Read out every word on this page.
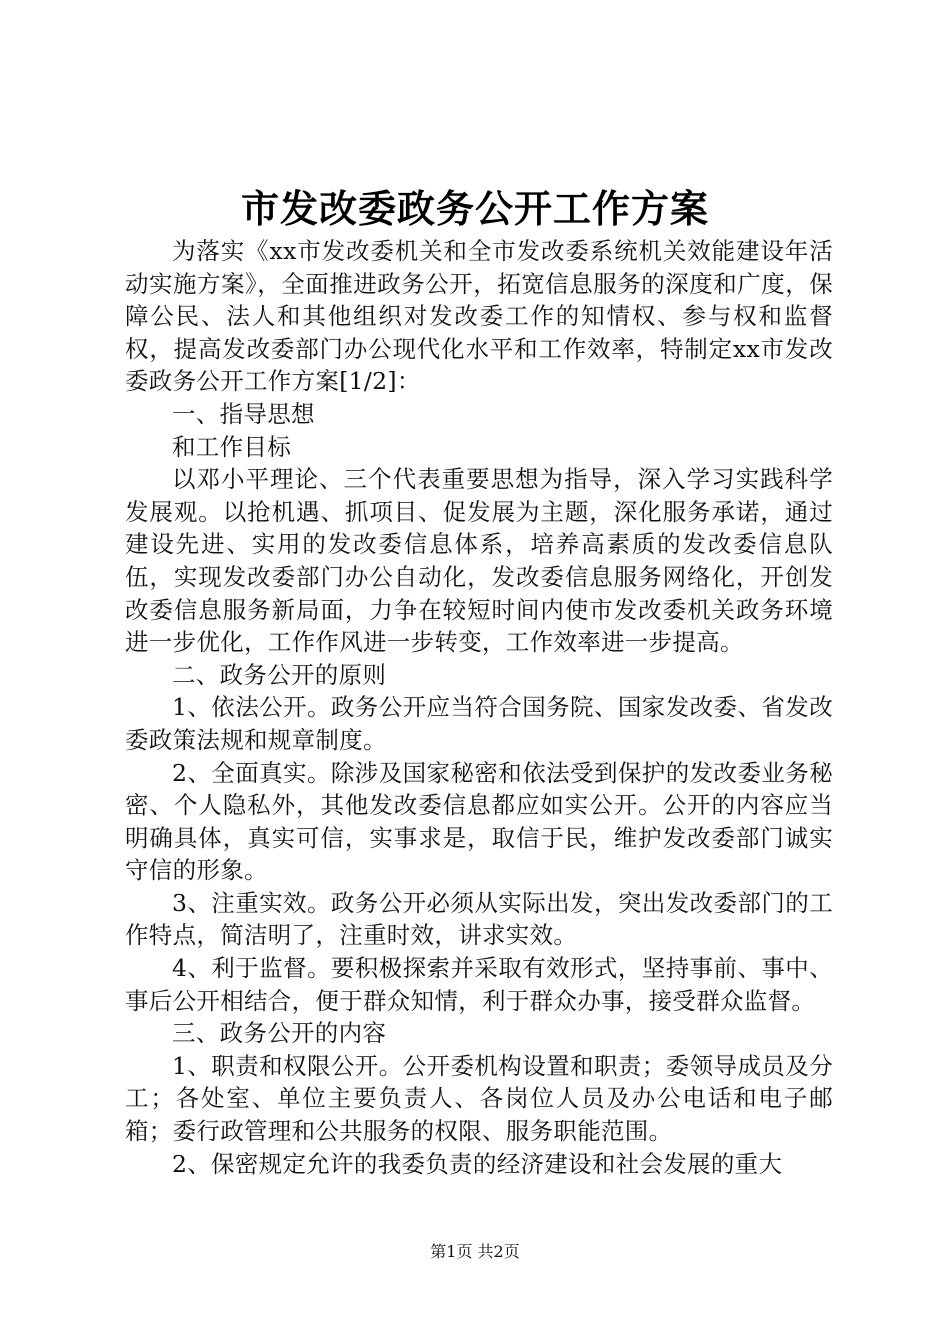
市发改委政务公开工作方案

为落实《xx市发改委机关和全市发改委系统机关效能建设年活动实施方案》，全面推进政务公开，拓宽信息服务的深度和广度，保障公民、法人和其他组织对发改委工作的知情权、参与权和监督权，提高发改委部门办公现代化水平和工作效率，特制定xx市发改委政务公开工作方案[1/2]：

一、指导思想

和工作目标

以邓小平理论、三个代表重要思想为指导，深入学习实践科学发展观。以抢机遇、抓项目、促发展为主题，深化服务承诺，通过建设先进、实用的发改委信息体系，培养高素质的发改委信息队伍，实现发改委部门办公自动化，发改委信息服务网络化，开创发改委信息服务新局面，力争在较短时间内使市发改委机关政务环境进一步优化，工作作风进一步转变，工作效率进一步提高。

二、政务公开的原则

1、依法公开。政务公开应当符合国务院、国家发改委、省发改委政策法规和规章制度。

2、全面真实。除涉及国家秘密和依法受到保护的发改委业务秘密、个人隐私外，其他发改委信息都应如实公开。公开的内容应当明确具体，真实可信，实事求是，取信于民，维护发改委部门诚实守信的形象。

3、注重实效。政务公开必须从实际出发，突出发改委部门的工作特点，简洁明了，注重时效，讲求实效。

4、利于监督。要积极探索并采取有效形式，坚持事前、事中、事后公开相结合，便于群众知情，利于群众办事，接受群众监督。

三、政务公开的内容

1、职责和权限公开。公开委机构设置和职责；委领导成员及分工；各处室、单位主要负责人、各岗位人员及办公电话和电子邮箱；委行政管理和公共服务的权限、服务职能范围。

2、保密规定允许的我委负责的经济建设和社会发展的重大

第1页 共2页
